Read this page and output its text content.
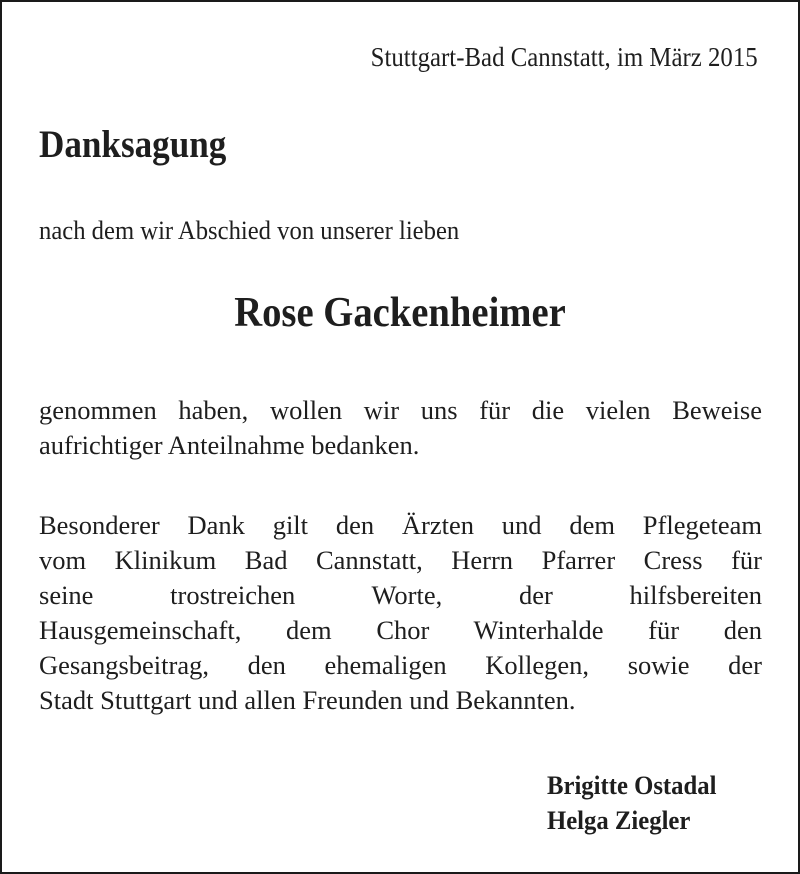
Stuttgart-Bad Cannstatt, im März 2015
Danksagung
nach dem wir Abschied von unserer lieben
Rose Gackenheimer
genommen haben, wollen wir uns für die vielen Beweise
aufrichtiger Anteilnahme bedanken.
Besonderer Dank gilt den Ärzten und dem Pflegeteam
vom Klinikum Bad Cannstatt, Herrn Pfarrer Cress für
seine trostreichen Worte, der hilfsbereiten
Hausgemeinschaft, dem Chor Winterhalde für den
Gesangsbeitrag, den ehemaligen Kollegen, sowie der
Stadt Stuttgart und allen Freunden und Bekannten.
Brigitte Ostadal
Helga Ziegler
